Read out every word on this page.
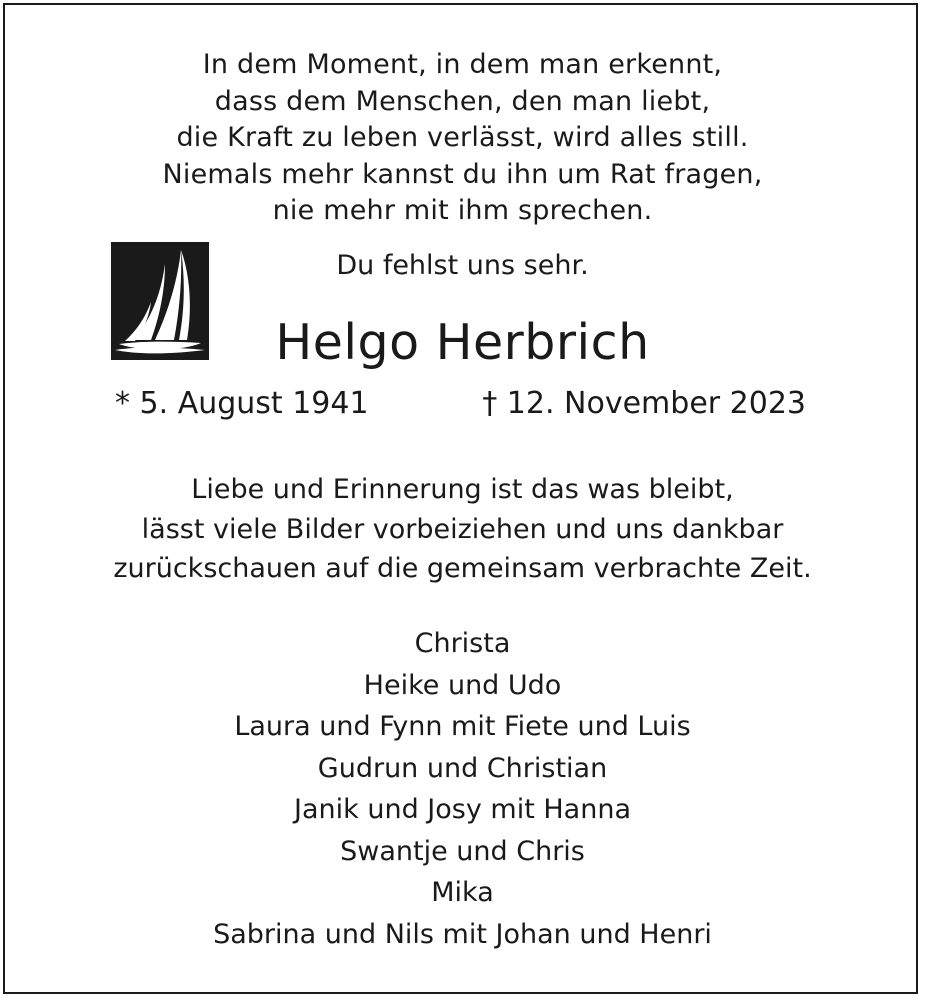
In dem Moment, in dem man erkennt,
dass dem Menschen, den man liebt,
die Kraft zu leben verlässt, wird alles still.
Niemals mehr kannst du ihn um Rat fragen,
nie mehr mit ihm sprechen.
Du fehlst uns sehr.
Helgo Herbrich
* 5. August 1941	† 12. November 2023
Liebe und Erinnerung ist das was bleibt,
lässt viele Bilder vorbeiziehen und uns dankbar
zurückschauen auf die gemeinsam verbrachte Zeit.
Christa
Heike und Udo
Laura und Fynn mit Fiete und Luis
Gudrun und Christian
Janik und Josy mit Hanna
Swantje und Chris
Mika
Sabrina und Nils mit Johan und Henri
